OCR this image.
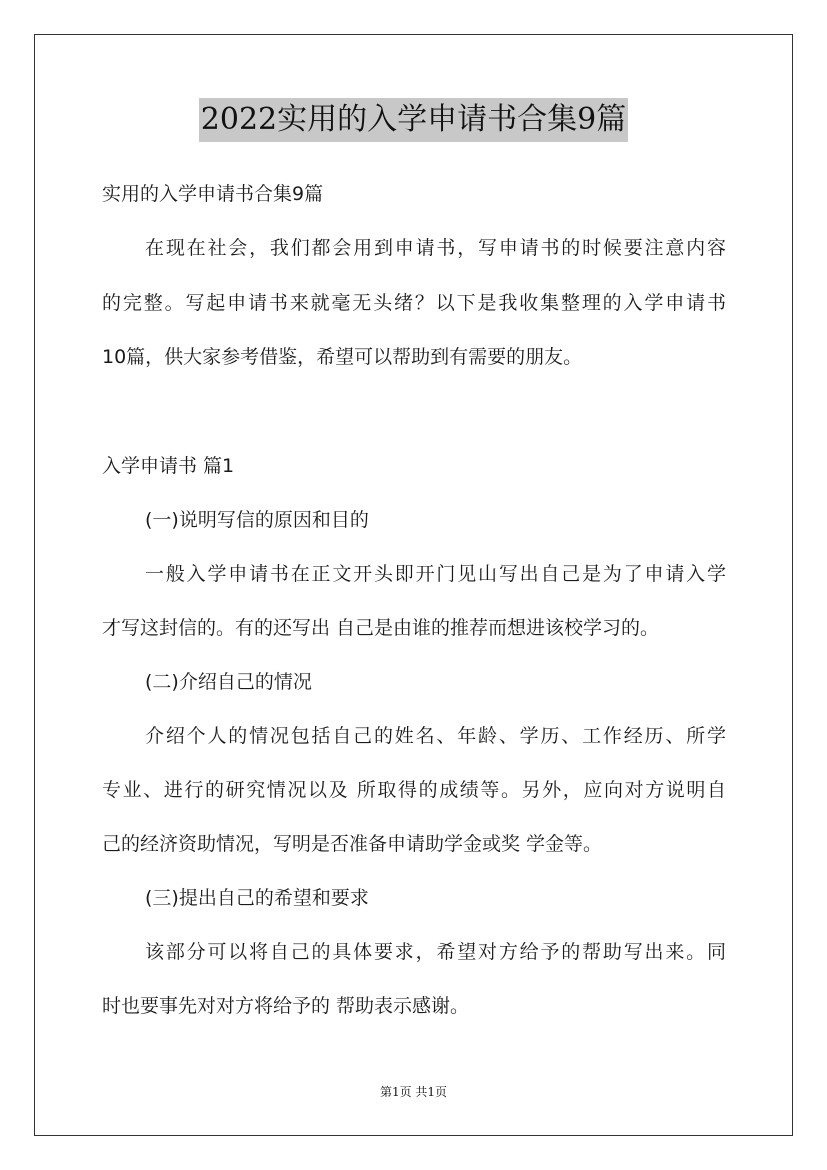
2022实用的入学申请书合集9篇
实用的入学申请书合集9篇
在现在社会，我们都会用到申请书，写申请书的时候要注意内容
的完整。写起申请书来就毫无头绪？以下是我收集整理的入学申请书
10篇，供大家参考借鉴，希望可以帮助到有需要的朋友。
入学申请书 篇1
(一)说明写信的原因和目的
一般入学申请书在正文开头即开门见山写出自己是为了申请入学
才写这封信的。有的还写出 自己是由谁的推荐而想进该校学习的。
(二)介绍自己的情况
介绍个人的情况包括自己的姓名、年龄、学历、工作经历、所学
专业、进行的研究情况以及 所取得的成绩等。另外，应向对方说明自
己的经济资助情况，写明是否准备申请助学金或奖 学金等。
(三)提出自己的希望和要求
该部分可以将自己的具体要求，希望对方给予的帮助写出来。同
时也要事先对对方将给予的 帮助表示感谢。
第1页 共1页
